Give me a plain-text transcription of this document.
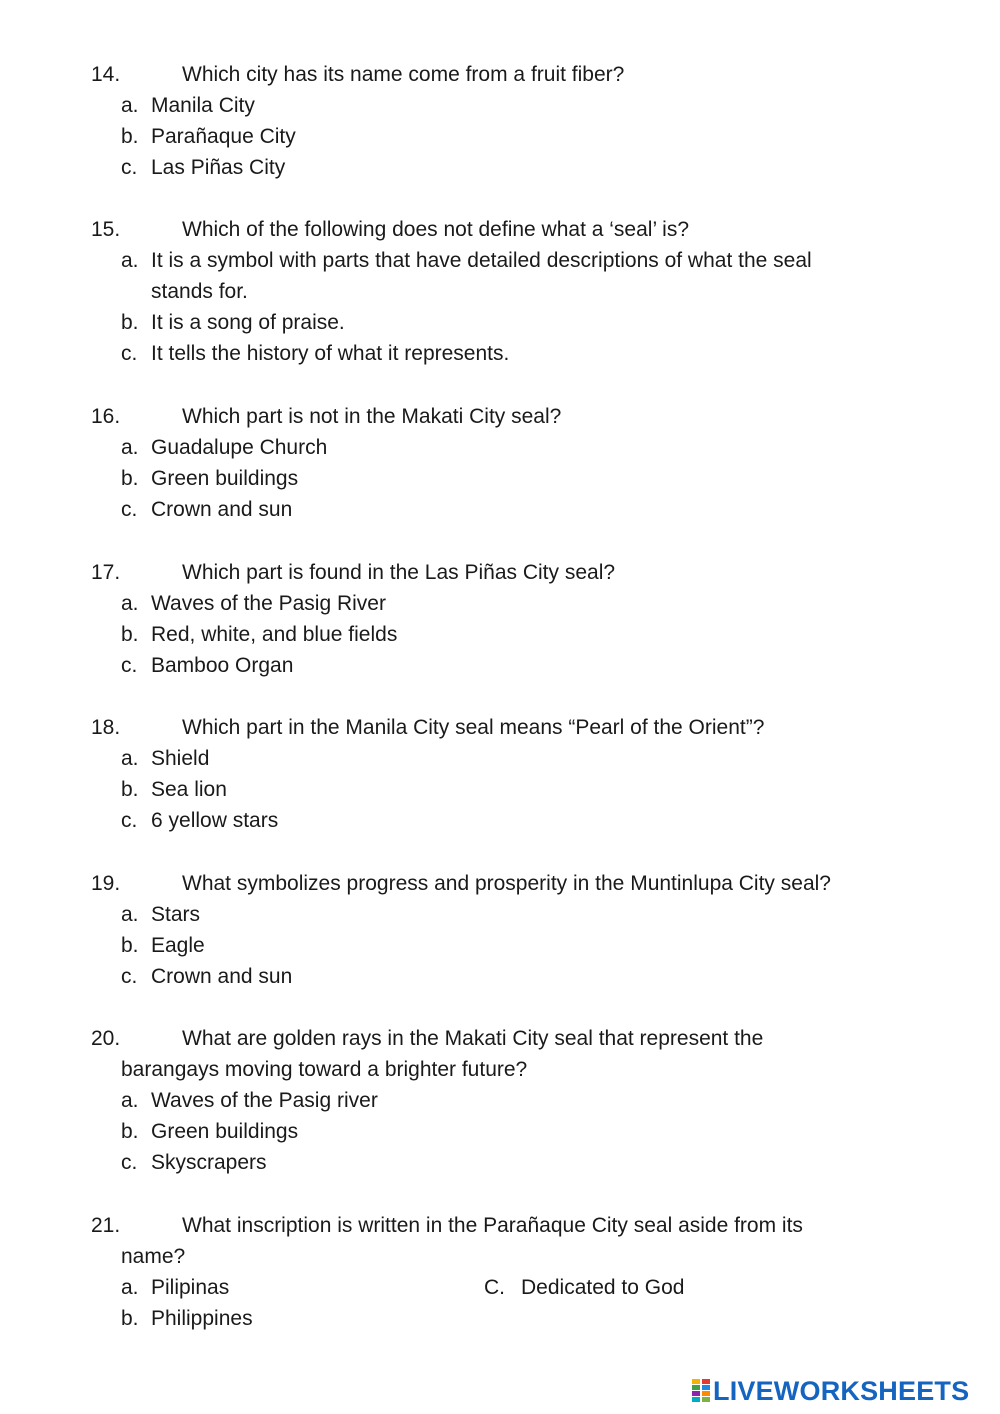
14.	Which city has its name come from a fruit fiber?
a. Manila City
b. Parañaque City
c. Las Piñas City
15.	Which of the following does not define what a ‘seal’ is?
a. It is a symbol with parts that have detailed descriptions of what the seal
stands for.
b. It is a song of praise.
c. It tells the history of what it represents.
16.	Which part is not in the Makati City seal?
a. Guadalupe Church
b. Green buildings
c. Crown and sun
17.	Which part is found in the Las Piñas City seal?
a. Waves of the Pasig River
b. Red, white, and blue fields
c. Bamboo Organ
18.	Which part in the Manila City seal means “Pearl of the Orient”?
a. Shield
b. Sea lion
c. 6 yellow stars
19.	What symbolizes progress and prosperity in the Muntinlupa City seal?
a. Stars
b. Eagle
c. Crown and sun
20.	What are golden rays in the Makati City seal that represent the
barangays moving toward a brighter future?
a. Waves of the Pasig river
b. Green buildings
c. Skyscrapers
21.	What inscription is written in the Parañaque City seal aside from its
name?
a. Pilipinas	C. Dedicated to God
b. Philippines
LIVEWORKSHEETS
